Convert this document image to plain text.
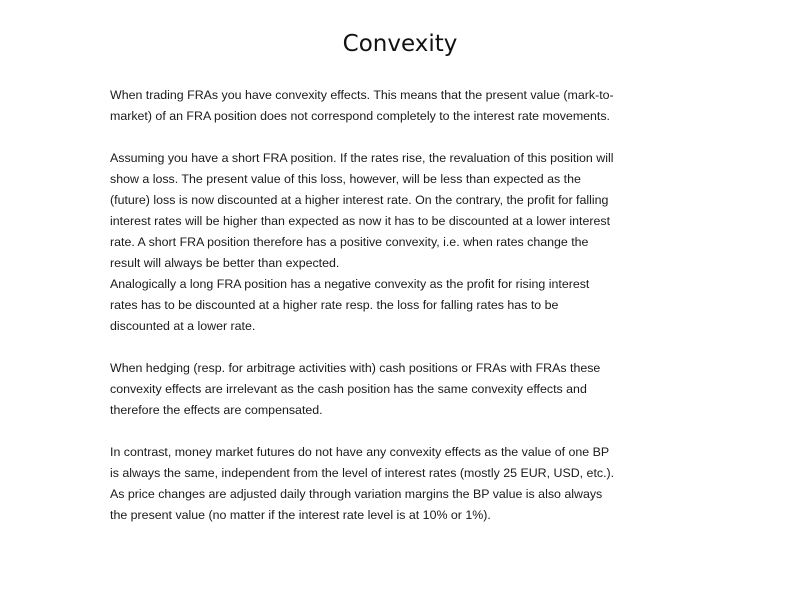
Convexity
When trading FRAs you have convexity effects. This means that the present value (mark-to-
market) of an FRA position does not correspond completely to the interest rate movements.
Assuming you have a short FRA position. If the rates rise, the revaluation of this position will
show a loss. The present value of this loss, however, will be less than expected as the
(future) loss is now discounted at a higher interest rate. On the contrary, the profit for falling
interest rates will be higher than expected as now it has to be discounted at a lower interest
rate. A short FRA position therefore has a positive convexity, i.e. when rates change the
result will always be better than expected.
Analogically a long FRA position has a negative convexity as the profit for rising interest
rates has to be discounted at a higher rate resp. the loss for falling rates has to be
discounted at a lower rate.
When hedging (resp. for arbitrage activities with) cash positions or FRAs with FRAs these
convexity effects are irrelevant as the cash position has the same convexity effects and
therefore the effects are compensated.
In contrast, money market futures do not have any convexity effects as the value of one BP
is always the same, independent from the level of interest rates (mostly 25 EUR, USD, etc.).
As price changes are adjusted daily through variation margins the BP value is also always
the present value (no matter if the interest rate level is at 10% or 1%).
